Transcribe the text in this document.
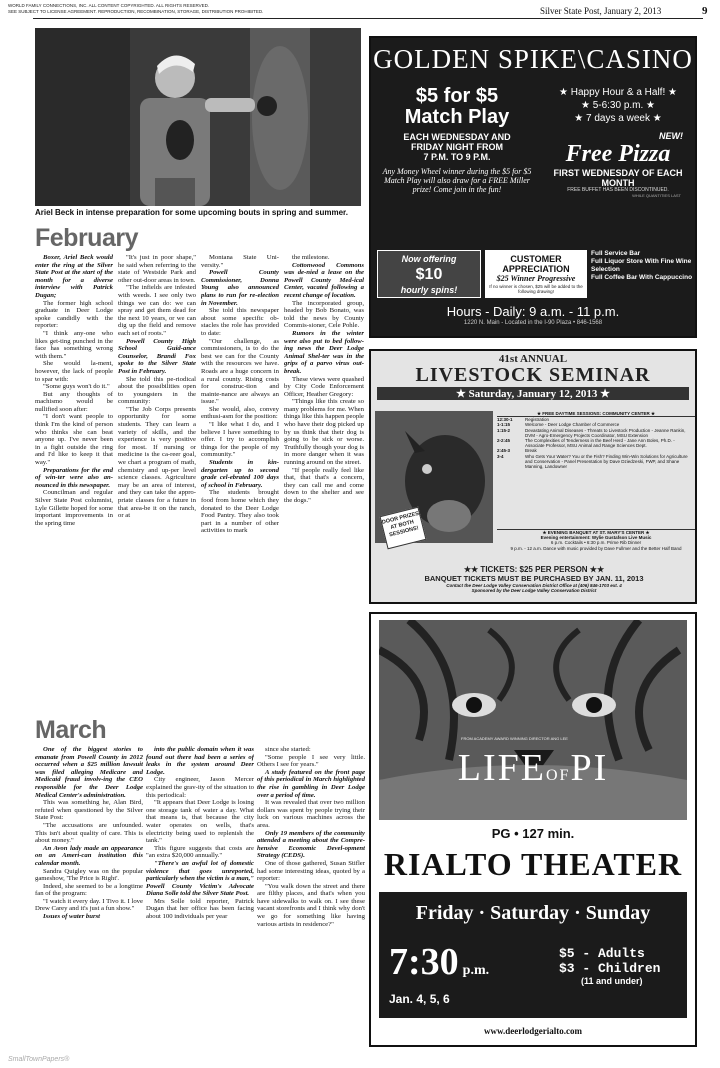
WORLD FAMILY CONNECTIONS, INC. ALL CONTENT COPYRIGHTED. ALL RIGHTS RESERVED.
SEE SUBJECT TO LICENSE AGREEMENT. REPRODUCTION, RECOMBINATION, STORAGE, DISTRIBUTION PROHIBITED.	Silver State Post, January 2, 2013	9
Ariel Beck in intense preparation for some upcoming bouts in spring and summer.
February

Boxer, Ariel Beck would enter the ring at the Silver State Post at the start of the month for a diverse interview with Patrick Dugan;

The former high school graduate in Deer Lodge spoke candidly with the reporter:

"I think any-one who likes get-ting punched in the face has something wrong with them."

She would la-ment, however, the lack of people to spar with:

"Some guys won't do it."

But any thoughts of machismo would be nullified soon after:

"I don't want people to think I'm the kind of person who thinks she can beat anyone up. I've never been in a fight outside the ring and I'd like to keep it that way."

Preparations for the end of win-ter were also an-nounced in this newspaper.

Councilman and regular Silver State Post columnist, Lyle Gillette hoped for some important improvements in the spring time

"It's just in poor shape," he said when referring to the state of Westside Park and other out-door areas in town.

"The infields are infested with weeds. I see only two things we can do: we can spray and get them dead for the next 10 years, or we can dig up the field and remove each set of roots."

Powell County High School Guid-ance Counselor, Brandi Fox spoke to the Silver State Post in February.

She told this pe-riodical about the possibilities open to youngsters in the community:

"The Job Corps presents opportunity for some students. They can learn a variety of skills, and the experience is very positive for most. If nursing or medicine is the ca-reer goal, we chart a program of math, chemistry and up-per level science classes. Agriculture may be an area of interest, and they can take the appro-priate classes for a future in that area-be it on the ranch, or at

Montana State Uni-versity."

Powell County Commissioner, Donna Young also announced plans to run for re-election in November.

She told this newspaper about some specific ob-stacles the role has provided to date:

"Our challenge, as commissioners, is to do the best we can for the County with the resources we have. Roads are a huge concern in a rural county. Rising costs for construc-tion and mainte-nance are always an issue."

She would, also, convey enthusi-asm for the position:

"I like what I do, and I believe I have something to offer. I try to accomplish things for the people of my community."

Students in kin-dergarten up to second grade cel-ebrated 100 days of school in February.

The students brought food from home which they donated to the Deer Lodge Food Pantry. They also took part in a number of other activities to mark

the milestone.

Cottonwood Commons was de-nied a lease on the Powell County Med-ical Center, vacated following a recent change of location.

The incorporated group, headed by Bob Bonato, was told the news by County Commis-sioner, Cele Pohle.

Rumors in the winter were also put to bed follow-ing news the Deer Lodge Animal Shel-ter was in the grips of a parvo virus out-break.

These views were quashed by City Code Enforcement Officer, Heather Gregory:

"Things like this create so many problems for me. When things like this happen people who have their dog picked up by us think that their dog is going to be sick or worse. Truthfully though your dog is in more danger when it was running around on the street.

"If people really feel like that, that that's a concern, they can call me and come down to the shelter and see the dogs."

March

One of the biggest stories to emanate from Powell County in 2012 occurred when a $25 million lawsuit was filed alleging Medicare and Medicaid fraud involv-ing the CEO responsible for the Deer Lodge Medical Center's administration.

This was something he, Alan Bird, refuted when questioned by the Silver State Post:

"The accusations are unfounded. This isn't about quality of care. This is about money."

An Avon lady made an appearance on an Ameri-can institution this calendar month.

Sandra Quigley was on the popular gameshow, 'The Price is Right'.

Indeed, she seemed to be a longtime fan of the program:

"I watch it every day. I Tivo it. I love Drew Carey and it's just a fun show."

Issues of water burst

into the public domain when it was found out there had been a series of leaks in the system around Deer Lodge.

City engineer, Jason Mercer explained the grav-ity of the situation to this periodical:

"It appears that Deer Lodge is losing one storage tank of water a day. What that means is, that because the city water operates on wells, that's electricity being used to replenish the tank."

This figure suggests that costs are "an extra $20,000 annually."

"There's an awful lot of domestic violence that goes unreported, particularly when the victim is a man," Powell County Victim's Advocate Diana Solle told the Silver State Post.

Mrs Solle told reporter, Patrick Dugan that her office has been facing about 100 individuals per year

since she started:

"Some people I see very little. Others I see for years."

A study featured on the front page of this periodical in March highlighted the rise in gambling in Deer Lodge over a period of time.

It was revealed that over two million dollars was spent by people trying their luck on various machines across the area.

Only 19 members of the community attended a meeting about the Compre-hensive Economic Devel-opment Strategy (CEDS).

One of those gathered, Susan Stifler had some interesting ideas, quoted by a reporter:

"You walk down the street and there are filthy places, and that's when you have sidewalks to walk on. I see these vacant storefronts and I think why don't we go for something like having various artists in residence?"

GOLDEN SPIKE\CASINO
$5 for $5
Match Play
EACH WEDNESDAY AND
FRIDAY NIGHT FROM
7 P.M. TO 9 P.M.
Any Money Wheel winner during the $5 for $5 Match Play will also draw for a FREE Miller prize! Come join in the fun!
★ Happy Hour & a Half! ★
★ 5-6:30 p.m. ★
★ 7 days a week ★
NEW!
Free Pizza
FIRST WEDNESDAY OF EACH MONTH
FREE BUFFET HAS BEEN DISCONTINUED.
WHILE QUANTITIES LAST
Now offering
$10
hourly spins!
CUSTOMER APPRECIATION
$25 Winner Progressive
If no winner is chosen, $25 will be added to the following drawing!
Full Service Bar
Full Liquor Store With Fine Wine Selection
Full Coffee Bar With Cappuccino
Hours - Daily: 9 a.m. - 11 p.m.
1220 N. Main - Located in the I-90 Plaza • 846-1568
41st ANNUAL
LIVESTOCK SEMINAR
★ Saturday, January 12, 2013 ★
★ FREE DAYTIME SESSIONS: COMMUNITY CENTER ★
12:30-1	Registration
1-1:15	Welcome - Deer Lodge Chamber of Commerce
1:15-2	Devastating Animal Diseases - Threats to Livestock Production - Jeanne Rankin, DVM - Agro-Emergency Projects Coordinator, MSU Extension
2-2:45	The Complexities of Tenderness in the Beef Herd - Jane Ann Boles, Ph.D. - Associate Professor, MSU Animal and Range Sciences Dept.
2:45-3	Break
3-4	Who Gets Your Water? You or the Fish? Finding Win-Win Solutions for Agriculture and Conservation - Panel Presentation by Dave Dziedzeski, FWP, and Shane Manning, Landowner
DOOR PRIZES AT BOTH SESSIONS!	★ EVENING BANQUET AT ST. MARY'S CENTER ★
Evening entertainment: Wylie Gustafson Live Music
6 p.m. Cocktails • 6:30 p.m. Prime Rib Dinner
9 p.m. - 12 a.m. Dance with music provided by Dave Fullmer and the Better Half Band
★★ TICKETS: $25 PER PERSON ★★
BANQUET TICKETS MUST BE PURCHASED BY JAN. 11, 2013
Contact the Deer Lodge Valley Conservation District Office at (406) 846-1703 ext. 4
Sponsored by the Deer Lodge Valley Conservation District
FROM ACADEMY AWARD WINNING DIRECTOR ANG LEE
LIFEOFPI
PG • 127 min.
RIALTO THEATER
Friday · Saturday · Sunday
7:30 p.m.
Jan. 4, 5, 6
$5 - Adults
$3 - Children
(11 and under)
www.deerlodgerialto.com
SmallTownPapers®
